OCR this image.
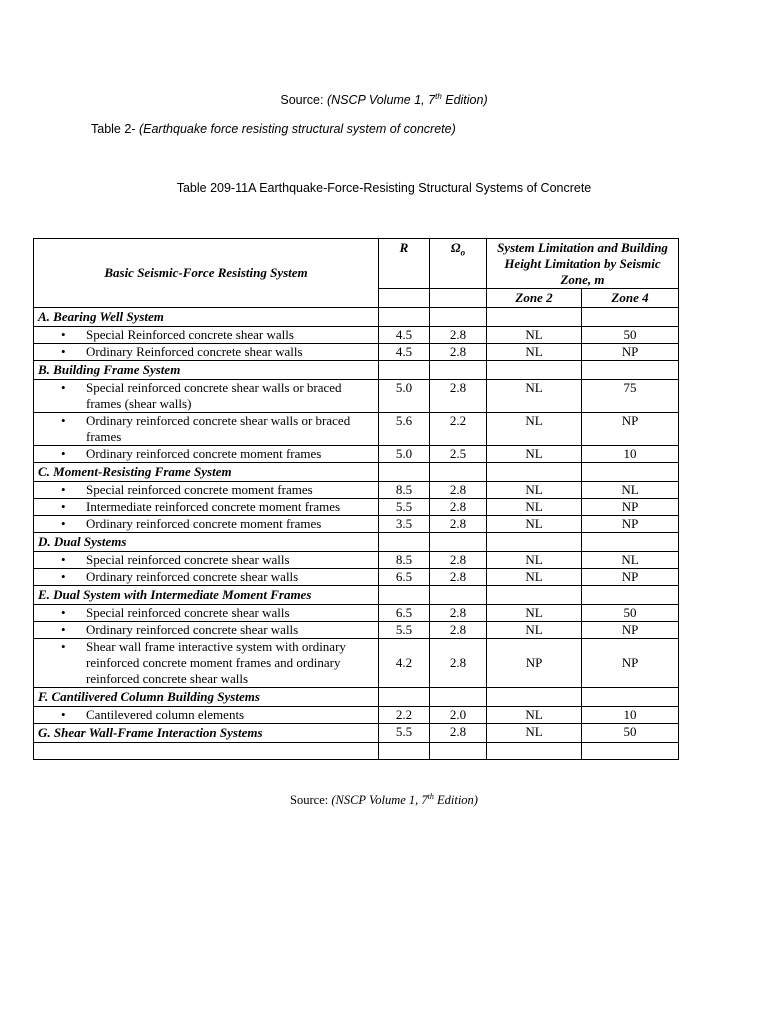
Source: (NSCP Volume 1, 7th Edition)
Table 2- (Earthquake force resisting structural system of concrete)
Table 209-11A Earthquake-Force-Resisting Structural Systems of Concrete
Basic Seismic-Force Resisting System	R	$\Omega_o$	System Limitation and Building Height Limitation by Seismic Zone, m	
			Zone 2	Zone 4
A. Bearing Well System				

• Special Reinforced concrete shear walls	4.5	2.8	NL	50

• Ordinary Reinforced concrete shear walls	4.5	2.8	NL	NP
B. Building Frame System				

• Special reinforced concrete shear walls or braced frames (shear walls)	5.0	2.8	NL	75

• Ordinary reinforced concrete shear walls or braced frames	5.6	2.2	NL	NP

• Ordinary reinforced concrete moment frames	5.0	2.5	NL	10
C. Moment-Resisting Frame System				

• Special reinforced concrete moment frames	8.5	2.8	NL	NL

• Intermediate reinforced concrete moment frames	5.5	2.8	NL	NP

• Ordinary reinforced concrete moment frames	3.5	2.8	NL	NP
D. Dual Systems				

• Special reinforced concrete shear walls	8.5	2.8	NL	NL

• Ordinary reinforced concrete shear walls	6.5	2.8	NL	NP
E. Dual System with Intermediate Moment Frames				

• Special reinforced concrete shear walls	6.5	2.8	NL	50

• Ordinary reinforced concrete shear walls	5.5	2.8	NL	NP

• Shear wall frame interactive system with ordinary reinforced concrete moment frames and ordinary reinforced concrete shear walls	4.2	2.8	NP	NP
F. Cantilivered Column Building Systems				

• Cantilevered column elements	2.2	2.0	NL	10
G. Shear Wall-Frame Interaction Systems	5.5	2.8	NL	50

Source: (NSCP Volume 1, 7th Edition)
